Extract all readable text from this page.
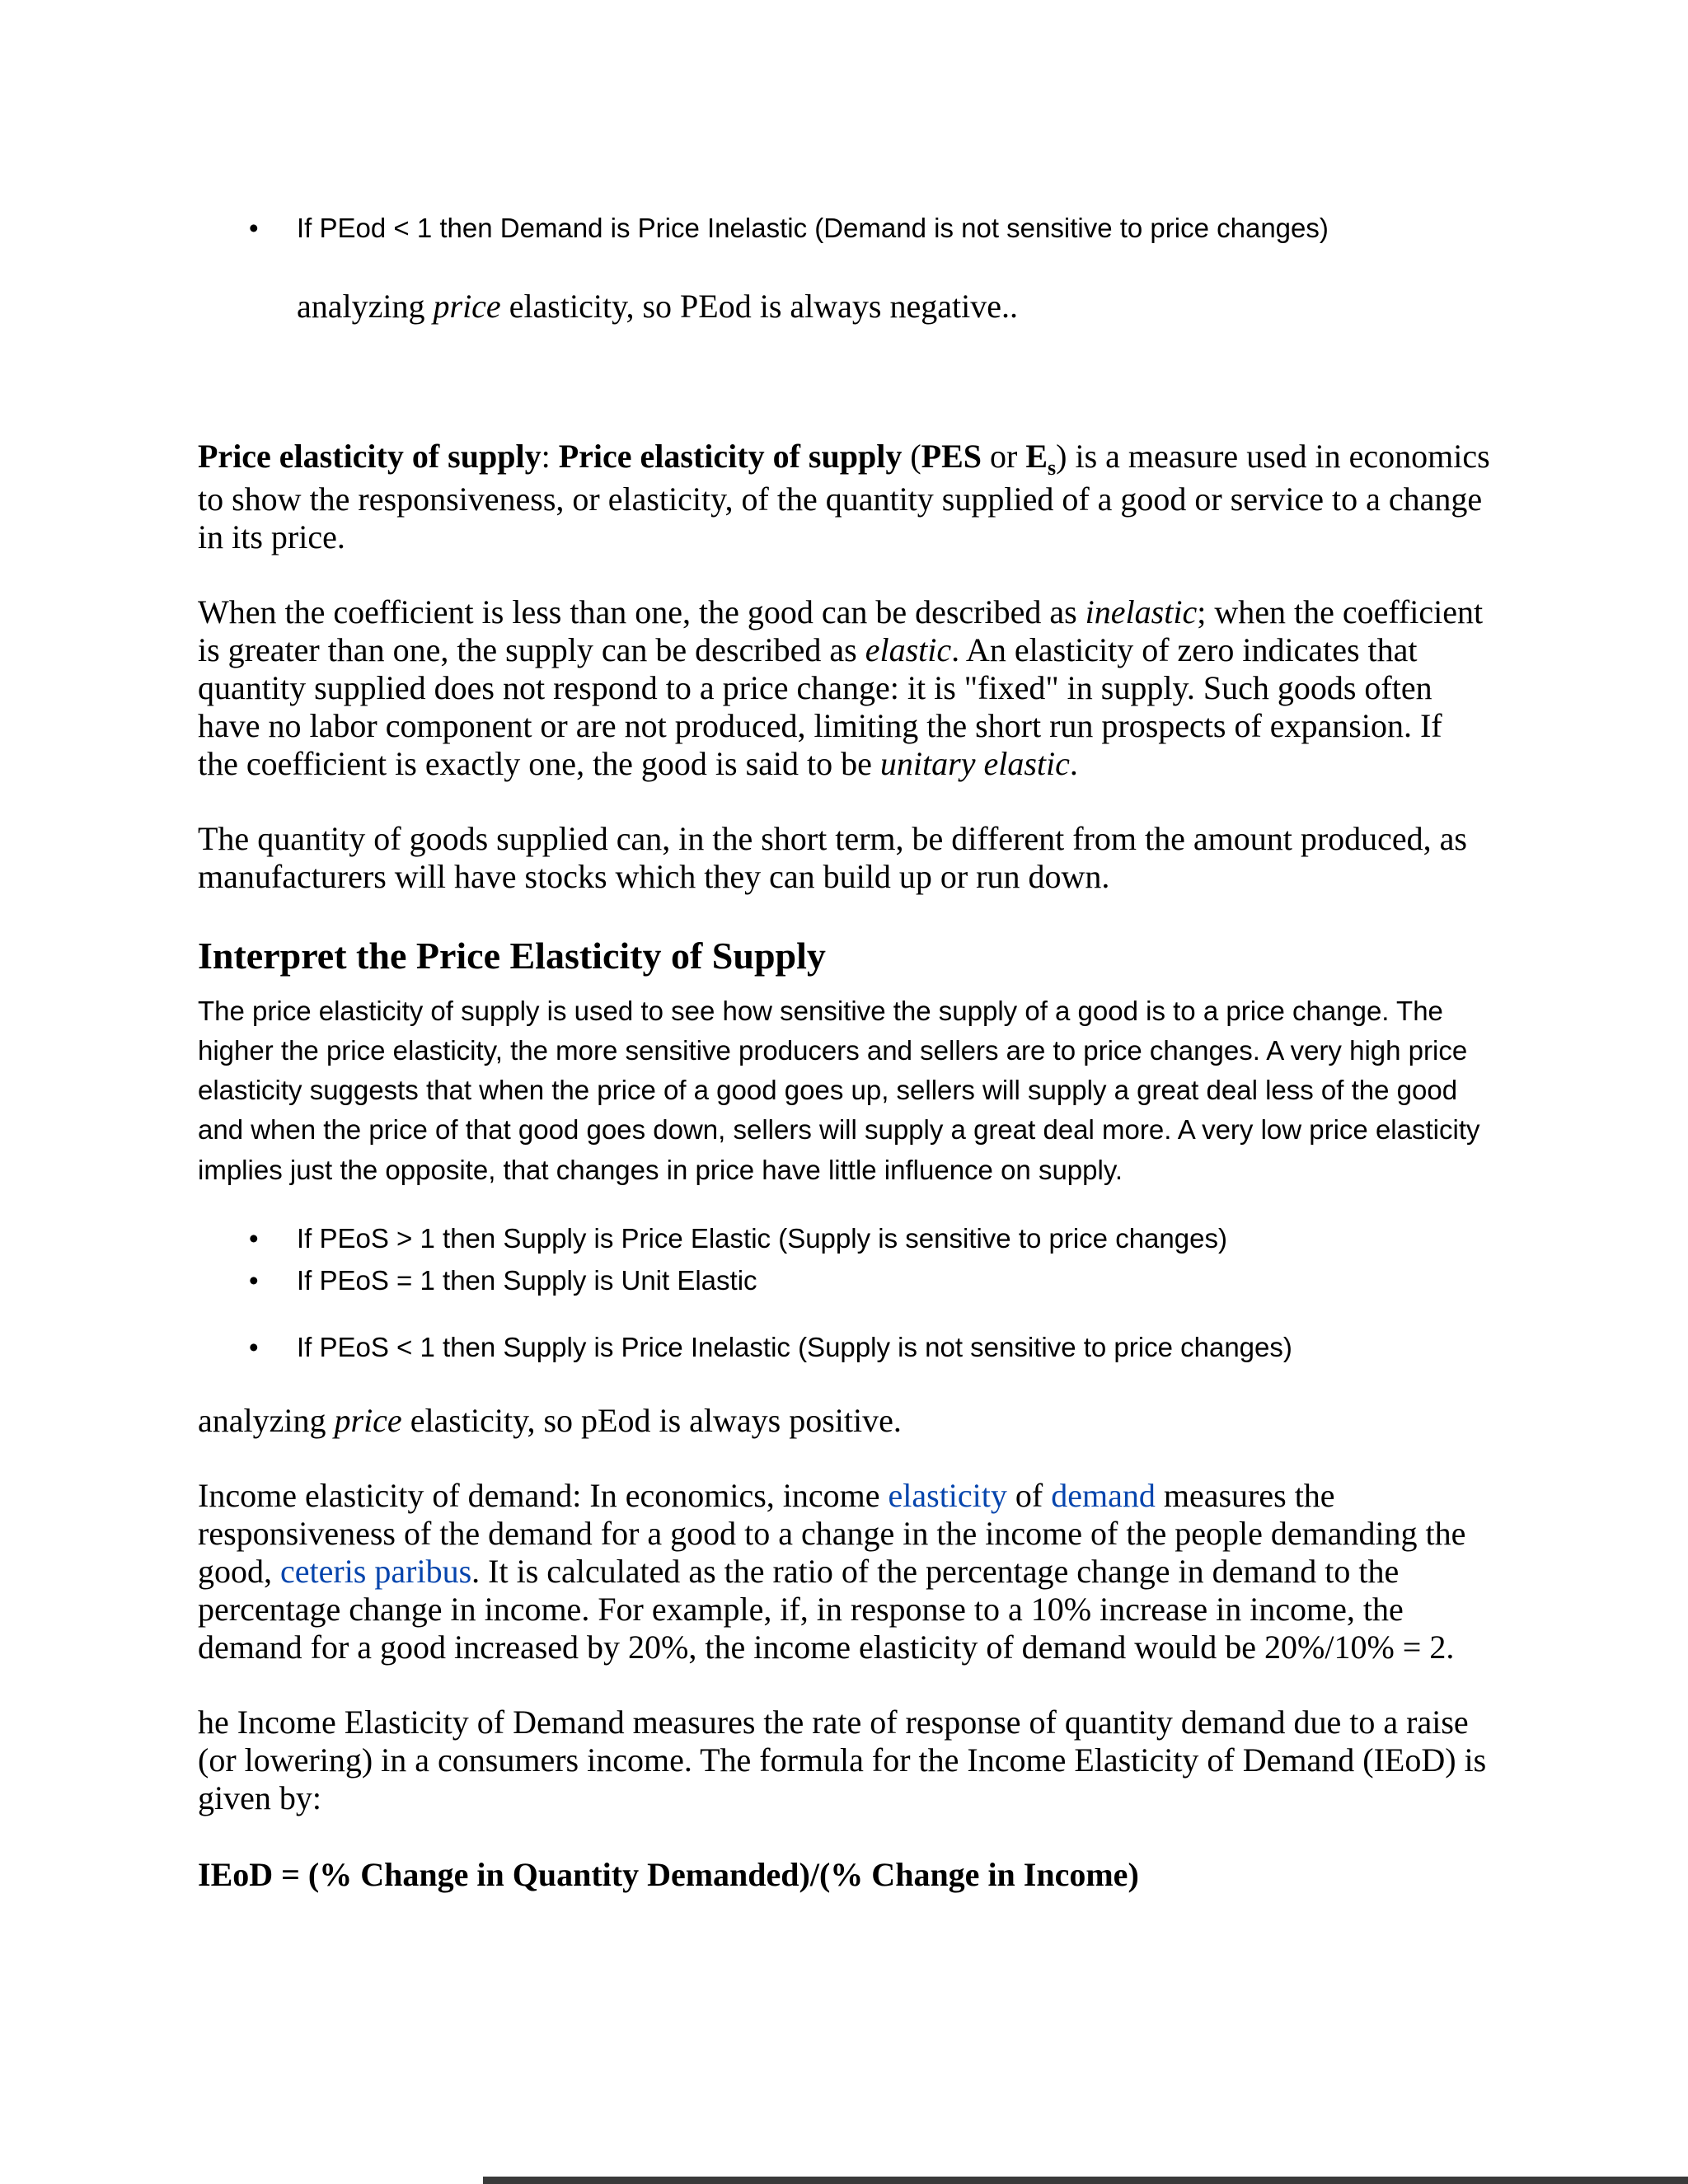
• If PEod < 1 then Demand is Price Inelastic (Demand is not sensitive to price changes)

analyzing price elasticity, so PEod is always negative..

Price elasticity of supply: Price elasticity of supply (PES or $E_s$) is a measure used in economics to show the responsiveness, or elasticity, of the quantity supplied of a good or service to a change in its price.

When the coefficient is less than one, the good can be described as inelastic; when the coefficient is greater than one, the supply can be described as elastic. An elasticity of zero indicates that quantity supplied does not respond to a price change: it is "fixed" in supply. Such goods often have no labor component or are not produced, limiting the short run prospects of expansion. If the coefficient is exactly one, the good is said to be unitary elastic.

The quantity of goods supplied can, in the short term, be different from the amount produced, as manufacturers will have stocks which they can build up or run down.

Interpret the Price Elasticity of Supply

The price elasticity of supply is used to see how sensitive the supply of a good is to a price change. The higher the price elasticity, the more sensitive producers and sellers are to price changes. A very high price elasticity suggests that when the price of a good goes up, sellers will supply a great deal less of the good and when the price of that good goes down, sellers will supply a great deal more. A very low price elasticity implies just the opposite, that changes in price have little influence on supply.

• If PEoS > 1 then Supply is Price Elastic (Supply is sensitive to price changes)
• If PEoS = 1 then Supply is Unit Elastic
• If PEoS < 1 then Supply is Price Inelastic (Supply is not sensitive to price changes)

analyzing price elasticity, so pEod is always positive.

Income elasticity of demand: In economics, income elasticity of demand measures the responsiveness of the demand for a good to a change in the income of the people demanding the good, ceteris paribus. It is calculated as the ratio of the percentage change in demand to the percentage change in income. For example, if, in response to a 10% increase in income, the demand for a good increased by 20%, the income elasticity of demand would be 20%/10% = 2.

he Income Elasticity of Demand measures the rate of response of quantity demand due to a raise (or lowering) in a consumers income. The formula for the Income Elasticity of Demand (IEoD) is given by:

IEoD = (% Change in Quantity Demanded)/(% Change in Income)
